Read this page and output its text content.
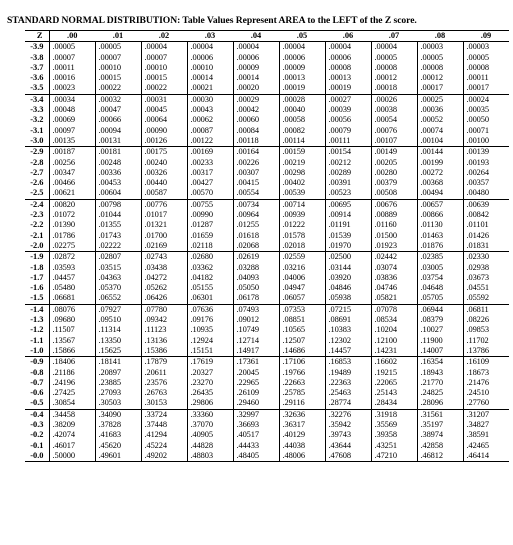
STANDARD NORMAL DISTRIBUTION: Table Values Represent AREA to the LEFT of the Z score.
Z	.00	.01	.02	.03	.04	.05	.06	.07	.08	.09
-3.9	.00005	.00005	.00004	.00004	.00004	.00004	.00004	.00004	.00003	.00003
-3.8	.00007	.00007	.00007	.00006	.00006	.00006	.00006	.00005	.00005	.00005
-3.7	.00011	.00010	.00010	.00010	.00009	.00009	.00008	.00008	.00008	.00008
-3.6	.00016	.00015	.00015	.00014	.00014	.00013	.00013	.00012	.00012	.00011
-3.5	.00023	.00022	.00022	.00021	.00020	.00019	.00019	.00018	.00017	.00017
-3.4	.00034	.00032	.00031	.00030	.00029	.00028	.00027	.00026	.00025	.00024
-3.3	.00048	.00047	.00045	.00043	.00042	.00040	.00039	.00038	.00036	.00035
-3.2	.00069	.00066	.00064	.00062	.00060	.00058	.00056	.00054	.00052	.00050
-3.1	.00097	.00094	.00090	.00087	.00084	.00082	.00079	.00076	.00074	.00071
-3.0	.00135	.00131	.00126	.00122	.00118	.00114	.00111	.00107	.00104	.00100
-2.9	.00187	.00181	.00175	.00169	.00164	.00159	.00154	.00149	.00144	.00139
-2.8	.00256	.00248	.00240	.00233	.00226	.00219	.00212	.00205	.00199	.00193
-2.7	.00347	.00336	.00326	.00317	.00307	.00298	.00289	.00280	.00272	.00264
-2.6	.00466	.00453	.00440	.00427	.00415	.00402	.00391	.00379	.00368	.00357
-2.5	.00621	.00604	.00587	.00570	.00554	.00539	.00523	.00508	.00494	.00480
-2.4	.00820	.00798	.00776	.00755	.00734	.00714	.00695	.00676	.00657	.00639
-2.3	.01072	.01044	.01017	.00990	.00964	.00939	.00914	.00889	.00866	.00842
-2.2	.01390	.01355	.01321	.01287	.01255	.01222	.01191	.01160	.01130	.01101
-2.1	.01786	.01743	.01700	.01659	.01618	.01578	.01539	.01500	.01463	.01426
-2.0	.02275	.02222	.02169	.02118	.02068	.02018	.01970	.01923	.01876	.01831
-1.9	.02872	.02807	.02743	.02680	.02619	.02559	.02500	.02442	.02385	.02330
-1.8	.03593	.03515	.03438	.03362	.03288	.03216	.03144	.03074	.03005	.02938
-1.7	.04457	.04363	.04272	.04182	.04093	.04006	.03920	.03836	.03754	.03673
-1.6	.05480	.05370	.05262	.05155	.05050	.04947	.04846	.04746	.04648	.04551
-1.5	.06681	.06552	.06426	.06301	.06178	.06057	.05938	.05821	.05705	.05592
-1.4	.08076	.07927	.07780	.07636	.07493	.07353	.07215	.07078	.06944	.06811
-1.3	.09680	.09510	.09342	.09176	.09012	.08851	.08691	.08534	.08379	.08226
-1.2	.11507	.11314	.11123	.10935	.10749	.10565	.10383	.10204	.10027	.09853
-1.1	.13567	.13350	.13136	.12924	.12714	.12507	.12302	.12100	.11900	.11702
-1.0	.15866	.15625	.15386	.15151	.14917	.14686	.14457	.14231	.14007	.13786
-0.9	.18406	.18141	.17879	.17619	.17361	.17106	.16853	.16602	.16354	.16109
-0.8	.21186	.20897	.20611	.20327	.20045	.19766	.19489	.19215	.18943	.18673
-0.7	.24196	.23885	.23576	.23270	.22965	.22663	.22363	.22065	.21770	.21476
-0.6	.27425	.27093	.26763	.26435	.26109	.25785	.25463	.25143	.24825	.24510
-0.5	.30854	.30503	.30153	.29806	.29460	.29116	.28774	.28434	.28096	.27760
-0.4	.34458	.34090	.33724	.33360	.32997	.32636	.32276	.31918	.31561	.31207
-0.3	.38209	.37828	.37448	.37070	.36693	.36317	.35942	.35569	.35197	.34827
-0.2	.42074	.41683	.41294	.40905	.40517	.40129	.39743	.39358	.38974	.38591
-0.1	.46017	.45620	.45224	.44828	.44433	.44038	.43644	.43251	.42858	.42465
-0.0	.50000	.49601	.49202	.48803	.48405	.48006	.47608	.47210	.46812	.46414
